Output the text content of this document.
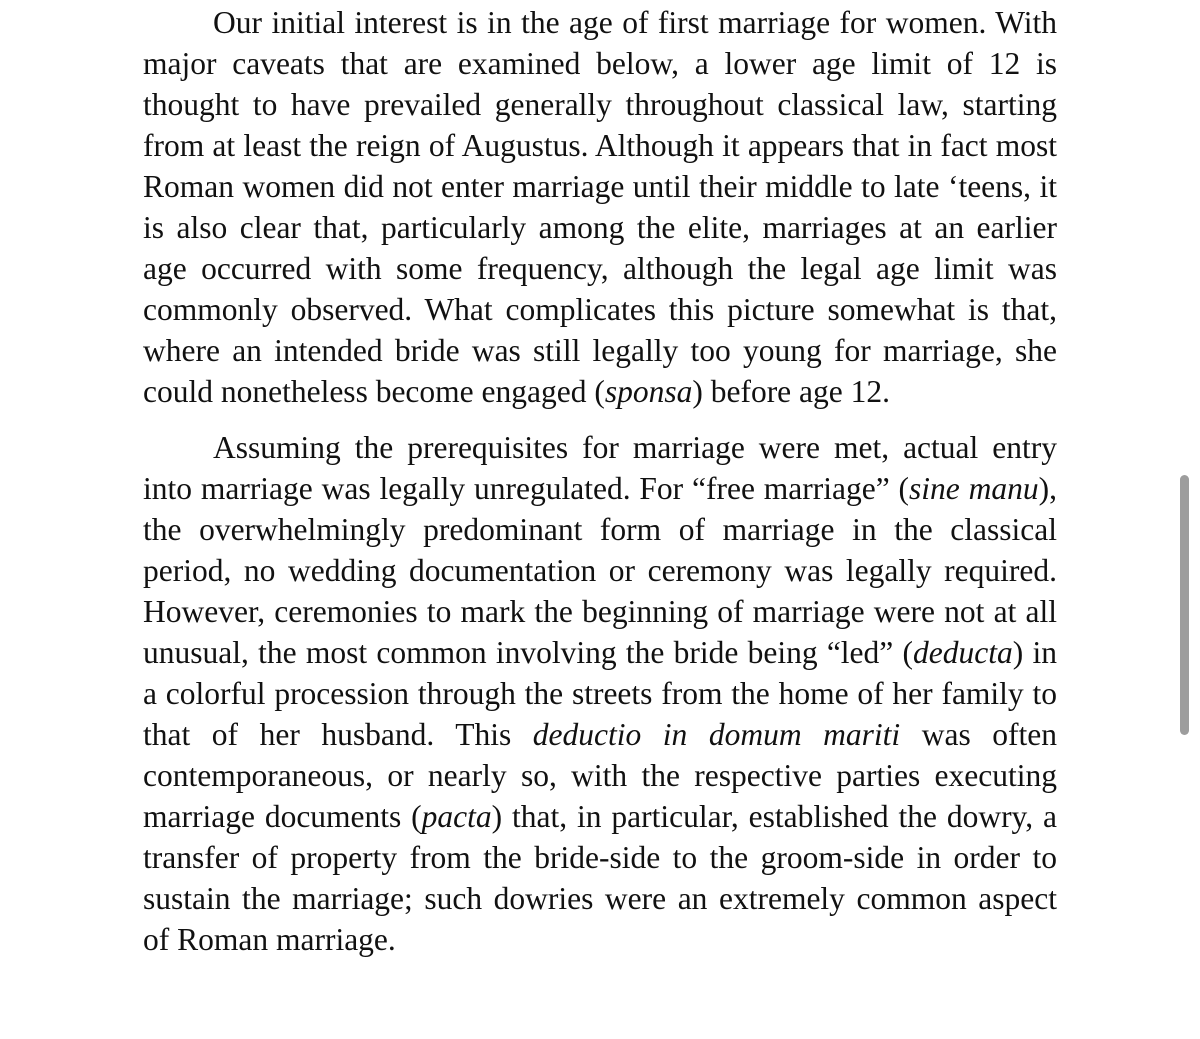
Our initial interest is in the age of first marriage for women. With major caveats that are examined below, a lower age limit of 12 is thought to have prevailed generally throughout classical law, starting from at least the reign of Augustus. Although it appears that in fact most Roman women did not enter marriage until their middle to late ‘teens, it is also clear that, particularly among the elite, marriages at an earlier age occurred with some frequency, although the legal age limit was commonly observed. What complicates this picture somewhat is that, where an intended bride was still legally too young for marriage, she could nonetheless become engaged (sponsa) before age 12.

Assuming the prerequisites for marriage were met, actual entry into marriage was legally unregulated. For “free marriage” (sine manu), the overwhelmingly predominant form of marriage in the classical period, no wedding documentation or ceremony was legally required. However, ceremonies to mark the beginning of marriage were not at all unusual, the most common involving the bride being “led” (deducta) in a colorful procession through the streets from the home of her family to that of her husband. This deductio in domum mariti was often contemporaneous, or nearly so, with the respective parties executing marriage documents (pacta) that, in particular, established the dowry, a transfer of property from the bride-side to the groom-side in order to sustain the marriage; such dowries were an extremely common aspect of Roman marriage.
